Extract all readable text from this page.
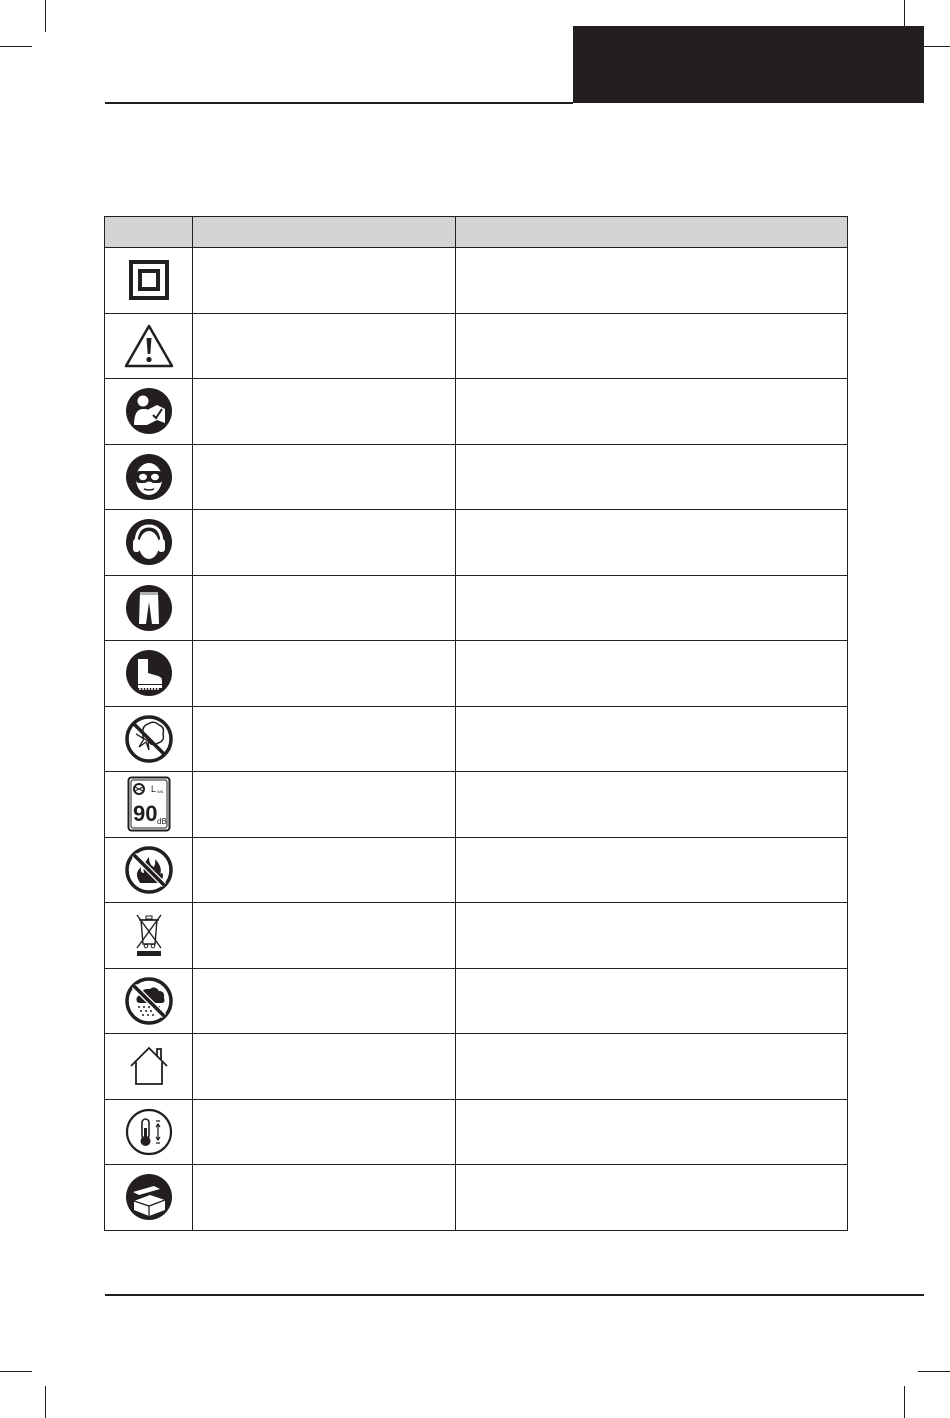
L WA
90 dB		
